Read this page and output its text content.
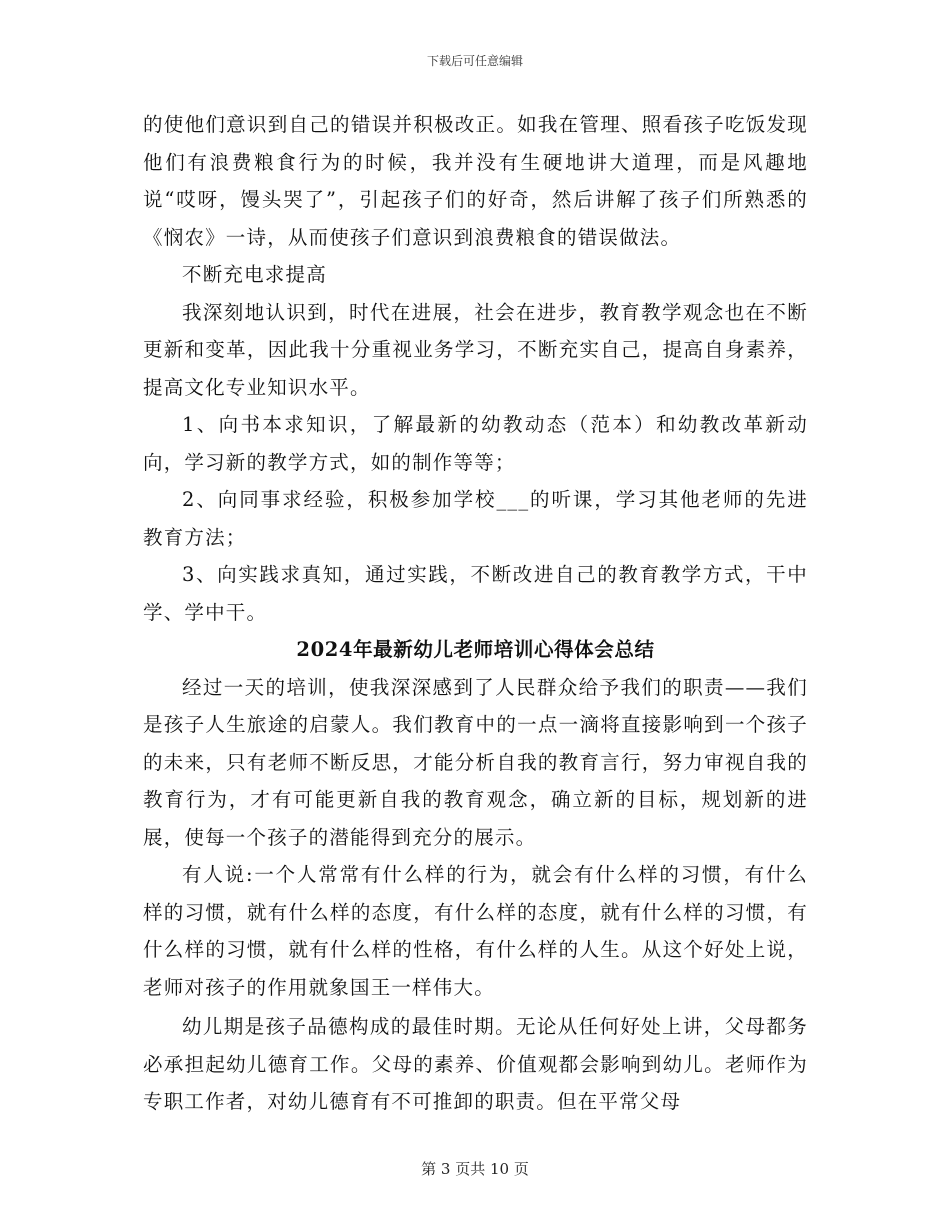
下载后可任意编辑

的使他们意识到自己的错误并积极改正。如我在管理、照看孩子吃饭发现他们有浪费粮食行为的时候，我并没有生硬地讲大道理，而是风趣地说“哎呀，馒头哭了”，引起孩子们的好奇，然后讲解了孩子们所熟悉的《悯农》一诗，从而使孩子们意识到浪费粮食的错误做法。

不断充电求提高

我深刻地认识到，时代在进展，社会在进步，教育教学观念也在不断更新和变革，因此我十分重视业务学习，不断充实自己，提高自身素养，提高文化专业知识水平。

1、向书本求知识，了解最新的幼教动态（范本）和幼教改革新动向，学习新的教学方式，如的制作等等；

2、向同事求经验，积极参加学校___的听课，学习其他老师的先进教育方法；

3、向实践求真知，通过实践，不断改进自己的教育教学方式，干中学、学中干。

2024年最新幼儿老师培训心得体会总结

经过一天的培训，使我深深感到了人民群众给予我们的职责——我们是孩子人生旅途的启蒙人。我们教育中的一点一滴将直接影响到一个孩子的未来，只有老师不断反思，才能分析自我的教育言行，努力审视自我的教育行为，才有可能更新自我的教育观念，确立新的目标，规划新的进展，使每一个孩子的潜能得到充分的展示。

有人说:一个人常常有什么样的行为，就会有什么样的习惯，有什么样的习惯，就有什么样的态度，有什么样的态度，就有什么样的习惯，有什么样的习惯，就有什么样的性格，有什么样的人生。从这个好处上说，老师对孩子的作用就象国王一样伟大。

幼儿期是孩子品德构成的最佳时期。无论从任何好处上讲，父母都务必承担起幼儿德育工作。父母的素养、价值观都会影响到幼儿。老师作为专职工作者，对幼儿德育有不可推卸的职责。但在平常父母

第 3 页共 10 页
